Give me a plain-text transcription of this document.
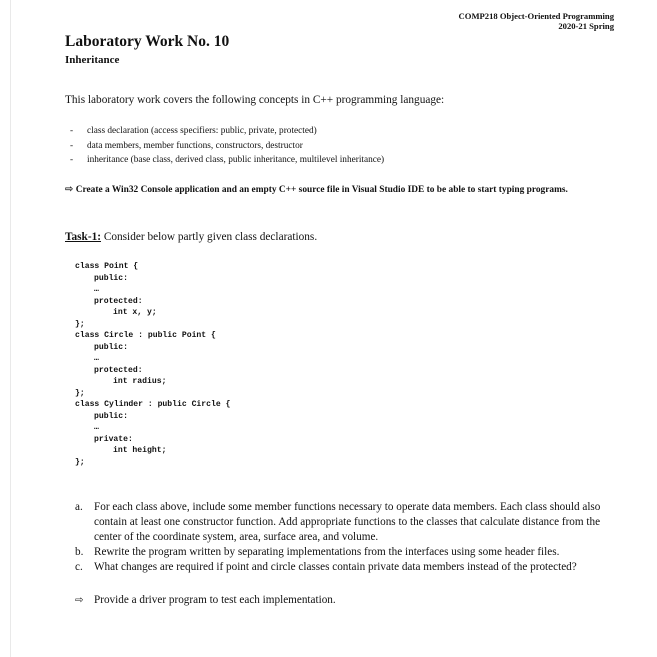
COMP218 Object-Oriented Programming
2020-21 Spring
Laboratory Work No. 10
Inheritance
This laboratory work covers the following concepts in C++ programming language:
- class declaration (access specifiers: public, private, protected)
- data members, member functions, constructors, destructor
- inheritance (base class, derived class, public inheritance, multilevel inheritance)
⇨ Create a Win32 Console application and an empty C++ source file in Visual Studio IDE to be able to start typing programs.
Task-1: Consider below partly given class declarations.
class Point {
public:
…
protected:
int x, y;
};
class Circle : public Point {
public:
…
protected:
int radius;
};
class Cylinder : public Circle {
public:
…
private:
int height;
};
a. For each class above, include some member functions necessary to operate data members. Each class should also contain at least one constructor function. Add appropriate functions to the classes that calculate distance from the center of the coordinate system, area, surface area, and volume.
b. Rewrite the program written by separating implementations from the interfaces using some header files.
c. What changes are required if point and circle classes contain private data members instead of the protected?
⇨ Provide a driver program to test each implementation.
